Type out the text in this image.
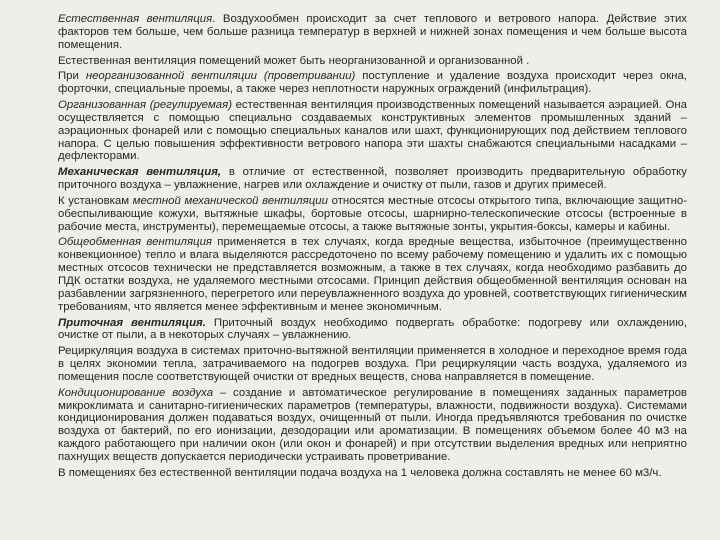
Естественная вентиляция. Воздухообмен происходит за счет теплового и ветрового напора. Действие этих факторов тем больше, чем больше разница температур в верхней и нижней зонах помещения и чем больше высота помещения.

Естественная вентиляция помещений может быть неорганизованной и организованной .

При неорганизованной вентиляции (проветривании) поступление и удаление воздуха происходит через окна, форточки, специальные проемы, а также через неплотности наружных ограждений (инфильтрация).

Организованная (регулируемая) естественная вентиляция производственных помещений называется аэрацией. Она осуществляется с помощью специально создаваемых конструктивных элементов промышленных зданий – аэрационных фонарей или с помощью специальных каналов или шахт, функционирующих под действием теплового напора. С целью повышения эффективности ветрового напора эти шахты снабжаются специальными насадками – дефлекторами.

Механическая вентиляция, в отличие от естественной, позволяет производить предварительную обработку приточного воздуха – увлажнение, нагрев или охлаждение и очистку от пыли, газов и других примесей.

К установкам местной механической вентиляции относятся местные отсосы открытого типа, включающие защитно-обеспыливающие кожухи, вытяжные шкафы, бортовые отсосы, шарнирно-телескопические отсосы (встроенные в рабочие места, инструменты), перемещаемые отсосы, а также вытяжные зонты, укрытия-боксы, камеры и кабины.

Общеобменная вентиляция применяется в тех случаях, когда вредные вещества, избыточное (преимущественно конвекционное) тепло и влага выделяются рассредоточено по всему рабочему помещению и удалить их с помощью местных отсосов технически не представляется возможным, а также в тех случаях, когда необходимо разбавить до ПДК остатки воздуха, не удаляемого местными отсосами. Принцип действия общеобменной вентиляция основан на разбавлении загрязненного, перегретого или переувлажненного воздуха до уровней, соответствующих гигиеническим требованиям, что является менее эффективным и менее экономичным.

Приточная вентиляция. Приточный воздух необходимо подвергать обработке: подогреву или охлаждению, очистке от пыли, а в некоторых случаях – увлажнению.

Рециркуляция воздуха в системах приточно-вытяжной вентиляции применяется в холодное и переходное время года в целях экономии тепла, затрачиваемого на подогрев воздуха. При рециркуляции часть воздуха, удаляемого из помещения после соответствующей очистки от вредных веществ, снова направляется в помещение.

Кондиционирование воздуха – создание и автоматическое регулирование в помещениях заданных параметров микроклимата и санитарно-гигиенических параметров (температуры, влажности, подвижности воздуха). Системами кондиционирования должен подаваться воздух, очищенный от пыли. Иногда предъявляются требования по очистке воздуха от бактерий, по его ионизации, дезодорации или ароматизации. В помещениях объемом более 40 м3 на каждого работающего при наличии окон (или окон и фонарей) и при отсутствии выделения вредных или неприятно пахнущих веществ допускается периодически устраивать проветривание.

В помещениях без естественной вентиляции подача воздуха на 1 человека должна составлять не менее 60 м3/ч.
